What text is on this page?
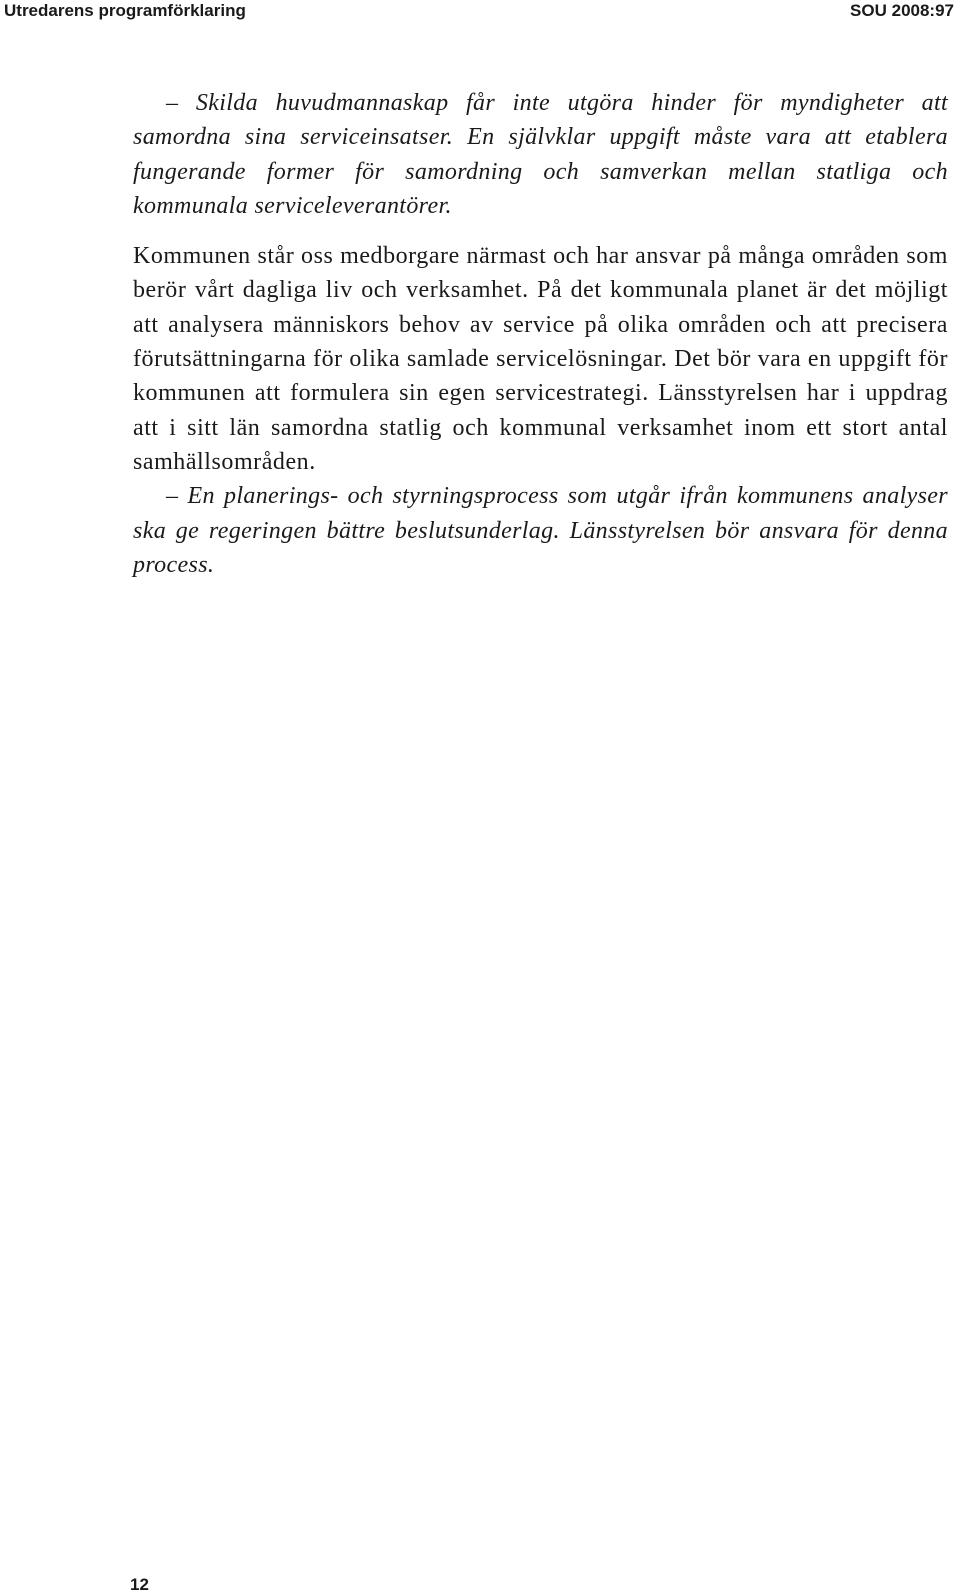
Utredarens programförklaring	SOU 2008:97

– Skilda huvudmannaskap får inte utgöra hinder för myndigheter att samordna sina serviceinsatser. En självklar uppgift måste vara att etablera fungerande former för samordning och samverkan mellan statliga och kommunala serviceleverantörer.

Kommunen står oss medborgare närmast och har ansvar på många områden som berör vårt dagliga liv och verksamhet. På det kommunala planet är det möjligt att analysera människors behov av service på olika områden och att precisera förutsättningarna för olika samlade servicelösningar. Det bör vara en uppgift för kommunen att formulera sin egen servicestrategi. Länsstyrelsen har i uppdrag att i sitt län samordna statlig och kommunal verksamhet inom ett stort antal samhällsområden.

– En planerings- och styrningsprocess som utgår ifrån kommunens analyser ska ge regeringen bättre beslutsunderlag. Länsstyrelsen bör ansvara för denna process.

12
